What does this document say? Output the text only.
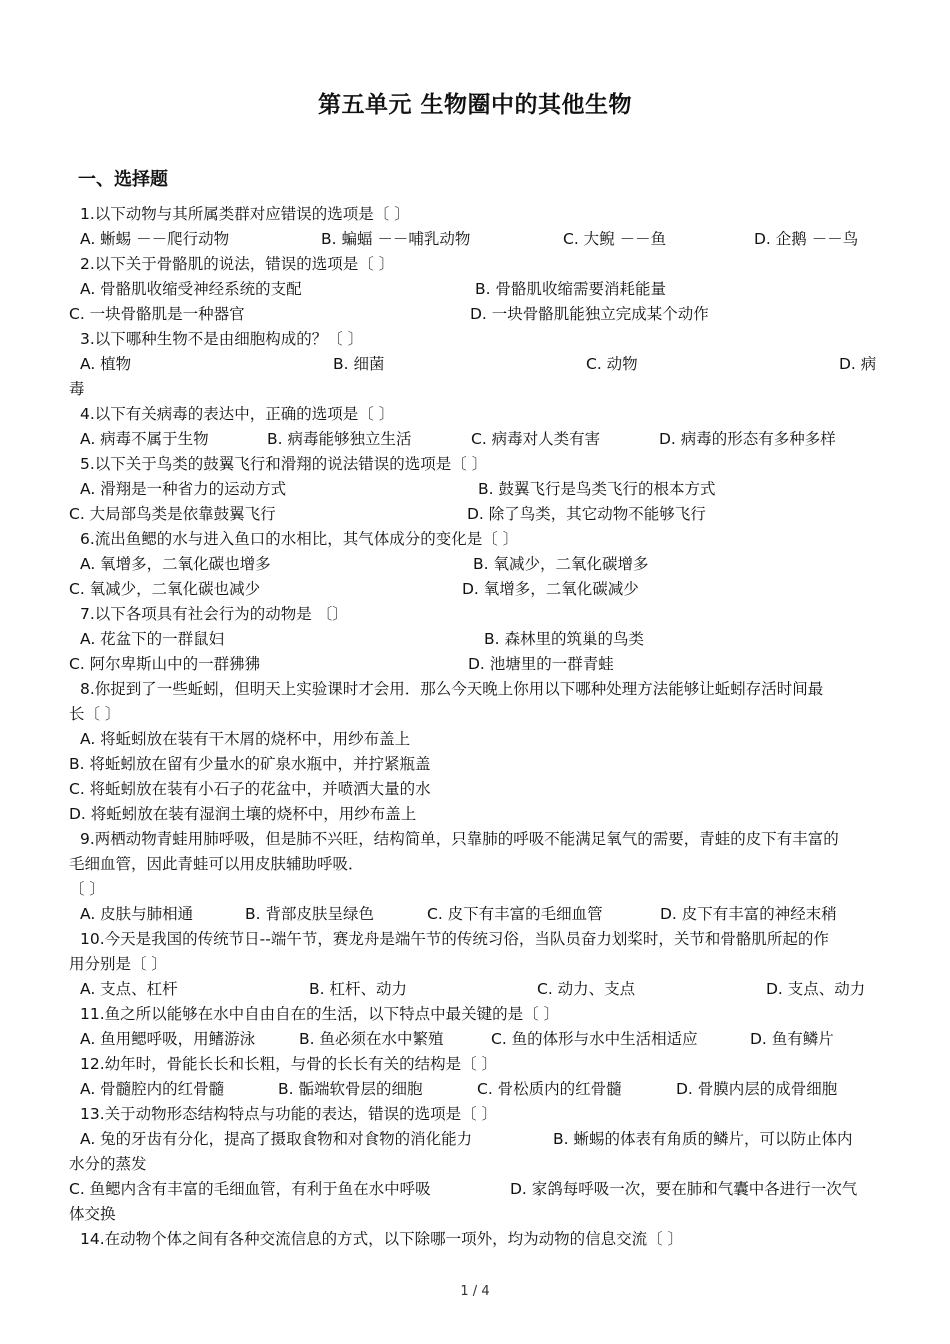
第五单元 生物圈中的其他生物
一、选择题
1.以下动物与其所属类群对应错误的选项是〔 〕
A. 蜥蜴 －－爬行动物	B. 蝙蝠 －－哺乳动物	C. 大鲵 －－鱼	D. 企鹅 －－鸟
2.以下关于骨骼肌的说法，错误的选项是〔 〕
A. 骨骼肌收缩受神经系统的支配	B. 骨骼肌收缩需要消耗能量
C. 一块骨骼肌是一种器官	D. 一块骨骼肌能独立完成某个动作
3.以下哪种生物不是由细胞构成的？〔 〕
A. 植物	B. 细菌	C. 动物	D. 病
毒
4.以下有关病毒的表达中，正确的选项是〔 〕
A. 病毒不属于生物	B. 病毒能够独立生活	C. 病毒对人类有害	D. 病毒的形态有多种多样
5.以下关于鸟类的鼓翼飞行和滑翔的说法错误的选项是〔 〕
A. 滑翔是一种省力的运动方式	B. 鼓翼飞行是鸟类飞行的根本方式
C. 大局部鸟类是依靠鼓翼飞行	D. 除了鸟类，其它动物不能够飞行
6.流出鱼鳃的水与进入鱼口的水相比，其气体成分的变化是〔 〕
A. 氧增多，二氧化碳也增多	B. 氧减少，二氧化碳增多
C. 氧减少，二氧化碳也减少	D. 氧增多，二氧化碳减少
7.以下各项具有社会行为的动物是 〔〕
A. 花盆下的一群鼠妇	B. 森林里的筑巢的鸟类
C. 阿尔卑斯山中的一群狒狒	D. 池塘里的一群青蛙
8.你捉到了一些蚯蚓，但明天上实验课时才会用．那么今天晚上你用以下哪种处理方法能够让蚯蚓存活时间最
长〔 〕
A. 将蚯蚓放在装有干木屑的烧杯中，用纱布盖上
B. 将蚯蚓放在留有少量水的矿泉水瓶中，并拧紧瓶盖
C. 将蚯蚓放在装有小石子的花盆中，并喷洒大量的水
D. 将蚯蚓放在装有湿润土壤的烧杯中，用纱布盖上
9.两栖动物青蛙用肺呼吸，但是肺不兴旺，结构简单，只靠肺的呼吸不能满足氧气的需要，青蛙的皮下有丰富的
毛细血管，因此青蛙可以用皮肤辅助呼吸．
〔 〕
A. 皮肤与肺相通	B. 背部皮肤呈绿色	C. 皮下有丰富的毛细血管	D. 皮下有丰富的神经末稍
10.今天是我国的传统节日--端午节，赛龙舟是端午节的传统习俗，当队员奋力划桨时，关节和骨骼肌所起的作
用分别是〔 〕
A. 支点、杠杆	B. 杠杆、动力	C. 动力、支点	D. 支点、动力
11.鱼之所以能够在水中自由自在的生活，以下特点中最关键的是〔 〕
A. 鱼用鳃呼吸，用鳍游泳	B. 鱼必须在水中繁殖	C. 鱼的体形与水中生活相适应	D. 鱼有鳞片
12.幼年时，骨能长长和长粗，与骨的长长有关的结构是〔 〕
A. 骨髓腔内的红骨髓	B. 骺端软骨层的细胞	C. 骨松质内的红骨髓	D. 骨膜内层的成骨细胞
13.关于动物形态结构特点与功能的表达，错误的选项是〔 〕
A. 兔的牙齿有分化，提高了摄取食物和对食物的消化能力	B. 蜥蜴的体表有角质的鳞片，可以防止体内
水分的蒸发
C. 鱼鳃内含有丰富的毛细血管，有利于鱼在水中呼吸	D. 家鸽每呼吸一次，要在肺和气囊中各进行一次气
体交换
14.在动物个体之间有各种交流信息的方式，以下除哪一项外，均为动物的信息交流〔 〕
1 / 4
